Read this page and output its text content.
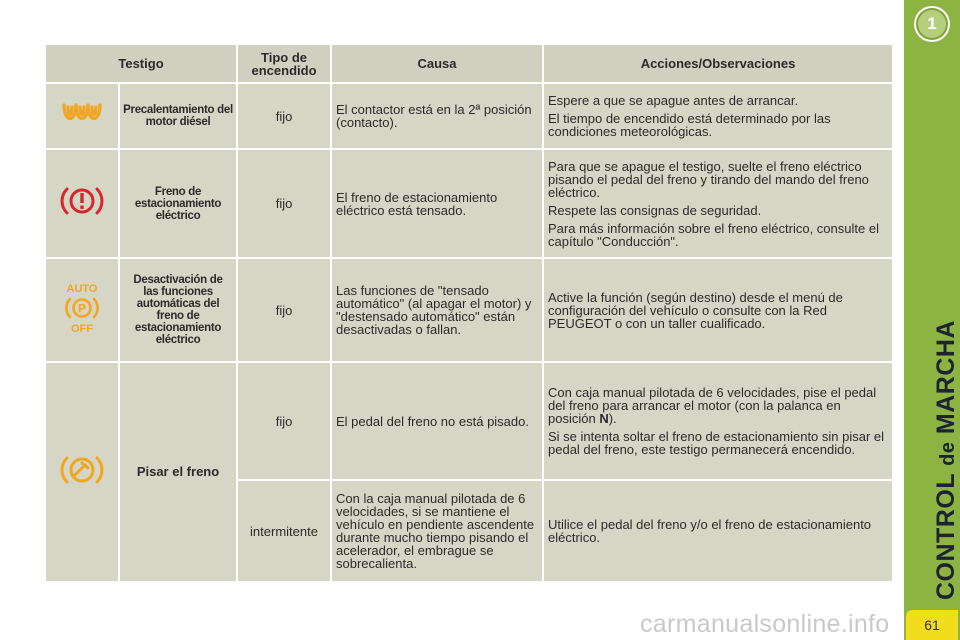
Testigo		Tipo de encendido	Causa	Acciones/Observaciones
	Precalentamiento del motor diésel	fijo	El contactor está en la 2ª posición (contacto).	Espere a que se apague antes de arrancar.

El tiempo de encendido está determinado por las condiciones meteorológicas.

	Freno de estacionamiento eléctrico	fijo	El freno de estacionamiento eléctrico está tensado.	Para que se apague el testigo, suelte el freno eléctrico pisando el pedal del freno y tirando del mando del freno eléctrico.

Respete las consignas de seguridad.

Para más información sobre el freno eléctrico, consulte el capítulo "Conducción".

AUTO
P
OFF	Desactivación de las funciones automáticas del freno de estacionamiento eléctrico	fijo	Las funciones de "tensado automático" (al apagar el motor) y "destensado automático" están desactivadas o fallan.	Active la función (según destino) desde el menú de configuración del vehículo o consulte con la Red PEUGEOT o con un taller cualificado.

	Pisar el freno	fijo	El pedal del freno no está pisado.	Con caja manual pilotada de 6 velocidades, pise el pedal del freno para arrancar el motor (con la palanca en posición N).

Si se intenta soltar el freno de estacionamiento sin pisar el pedal del freno, este testigo permanecerá encendido.

		intermitente	Con la caja manual pilotada de 6 velocidades, si se mantiene el vehículo en pendiente ascendente durante mucho tiempo pisando el acelerador, el embrague se sobrecalienta.	Utilice el pedal del freno y/o el freno de estacionamiento eléctrico.

1
CONTROL de MARCHA
61
carmanualsonline.info
